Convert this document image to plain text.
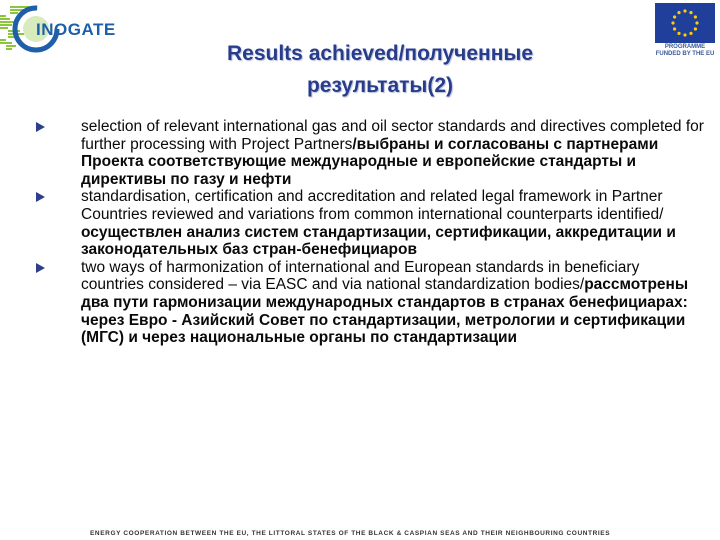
INOGATE
PROGRAMME FUNDED BY THE EU
Results achieved/полученные
результаты(2)
selection of relevant international gas and oil sector standards and directives completed for further processing with Project Partners/выбраны и согласованы с партнерами Проекта соответствующие международные и европейские стандарты и директивы по газу и нефти
standardisation, certification and accreditation and related legal framework in Partner Countries reviewed and variations from common international counterparts identified/осуществлен анализ систем стандартизации, сертификации, аккредитации и законодательных баз стран-бенефициаров
two ways of harmonization of international and European standards in beneficiary countries considered – via EASC and via national standardization bodies/рассмотрены два пути гармонизации международных стандартов в странах бенефициарах: через Евро - Азийский Совет по стандартизации, метрологии и сертификации (МГС) и через национальные органы по стандартизации
ENERGY COOPERATION BETWEEN THE EU, THE LITTORAL STATES OF THE BLACK & CASPIAN SEAS AND THEIR NEIGHBOURING COUNTRIES
